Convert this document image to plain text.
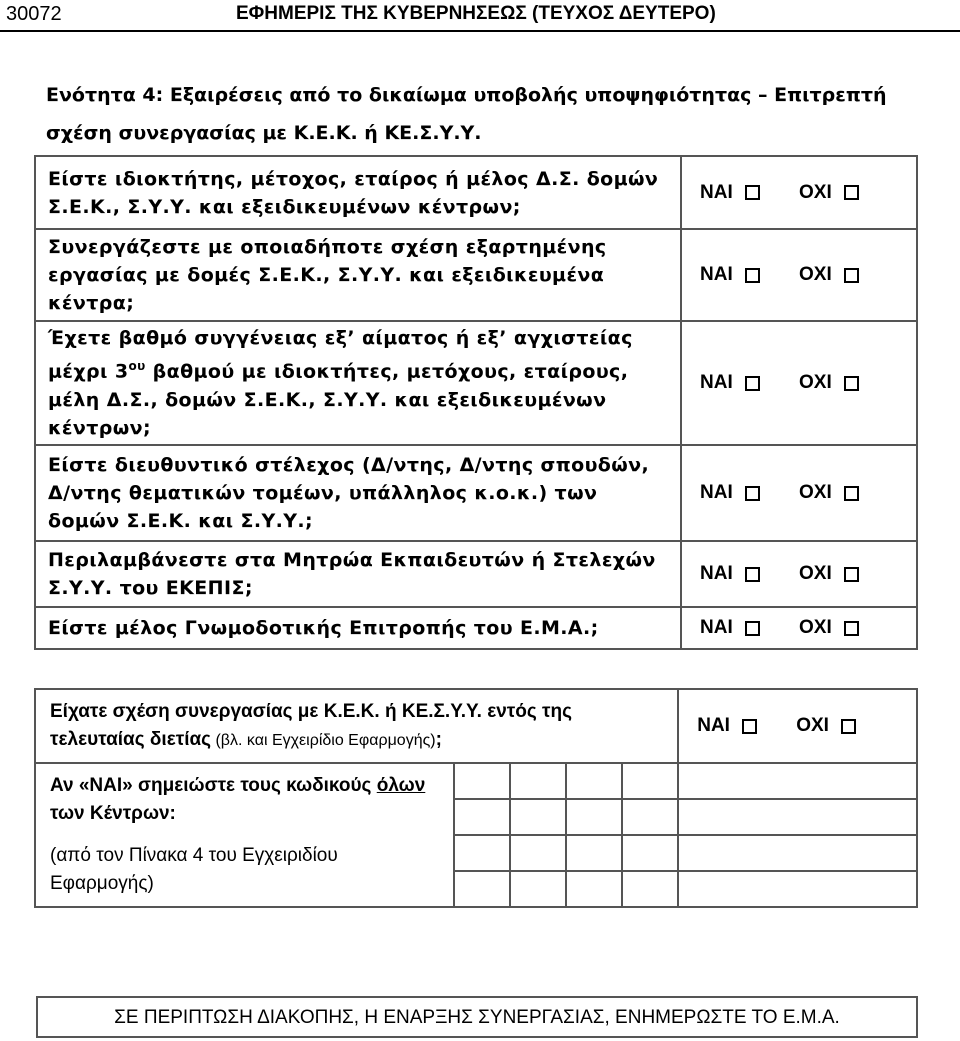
30072	ΕΦΗΜΕΡΙΣ ΤΗΣ ΚΥΒΕΡΝΗΣΕΩΣ (ΤΕΥΧΟΣ ΔΕΥΤΕΡΟ)
Ενότητα 4: Εξαιρέσεις από το δικαίωμα υποβολής υποψηφιότητας – Επιτρεπτή σχέση συνεργασίας με Κ.Ε.Κ. ή ΚΕ.Σ.Υ.Υ.
Είστε ιδιοκτήτης, μέτοχος, εταίρος ή μέλος Δ.Σ. δομών Σ.Ε.Κ., Σ.Υ.Υ. και εξειδικευμένων κέντρων;	ΝΑΙ ΟΧΙ

Συνεργάζεστε με οποιαδήποτε σχέση εξαρτημένης εργασίας με δομές Σ.Ε.Κ., Σ.Υ.Υ. και εξειδικευμένα κέντρα;	ΝΑΙ ΟΧΙ

Έχετε βαθμό συγγένειας εξ’ αίματος ή εξ’ αγχιστείας μέχρι $3^{o\upsilon}$ βαθμού με ιδιοκτήτες, μετόχους, εταίρους, μέλη Δ.Σ., δομών Σ.Ε.Κ., Σ.Υ.Υ. και εξειδικευμένων κέντρων;	ΝΑΙ ΟΧΙ

Είστε διευθυντικό στέλεχος (Δ/ντης, Δ/ντης σπουδών, Δ/ντης θεματικών τομέων, υπάλληλος κ.ο.κ.) των δομών Σ.Ε.Κ. και Σ.Υ.Υ.;	ΝΑΙ ΟΧΙ

Περιλαμβάνεστε στα Μητρώα Εκπαιδευτών ή Στελεχών Σ.Υ.Υ. του ΕΚΕΠΙΣ;	ΝΑΙ ΟΧΙ

Είστε μέλος Γνωμοδοτικής Επιτροπής του Ε.Μ.Α.;	ΝΑΙ ΟΧΙ
Είχατε σχέση συνεργασίας με Κ.Ε.Κ. ή ΚΕ.Σ.Υ.Υ. εντός της τελευταίας διετίας (βλ. και Εγχειρίδιο Εφαρμογής);					ΝΑΙ ΟΧΙ

Αν «ΝΑΙ» σημειώστε τους κωδικούς όλων των Κέντρων:
(από τον Πίνακα 4 του Εγχειριδίου Εφαρμογής)					

ΣΕ ΠΕΡΙΠΤΩΣΗ ΔΙΑΚΟΠΗΣ, Η ΕΝΑΡΞΗΣ ΣΥΝΕΡΓΑΣΙΑΣ, ΕΝΗΜΕΡΩΣΤΕ ΤΟ Ε.Μ.Α.
